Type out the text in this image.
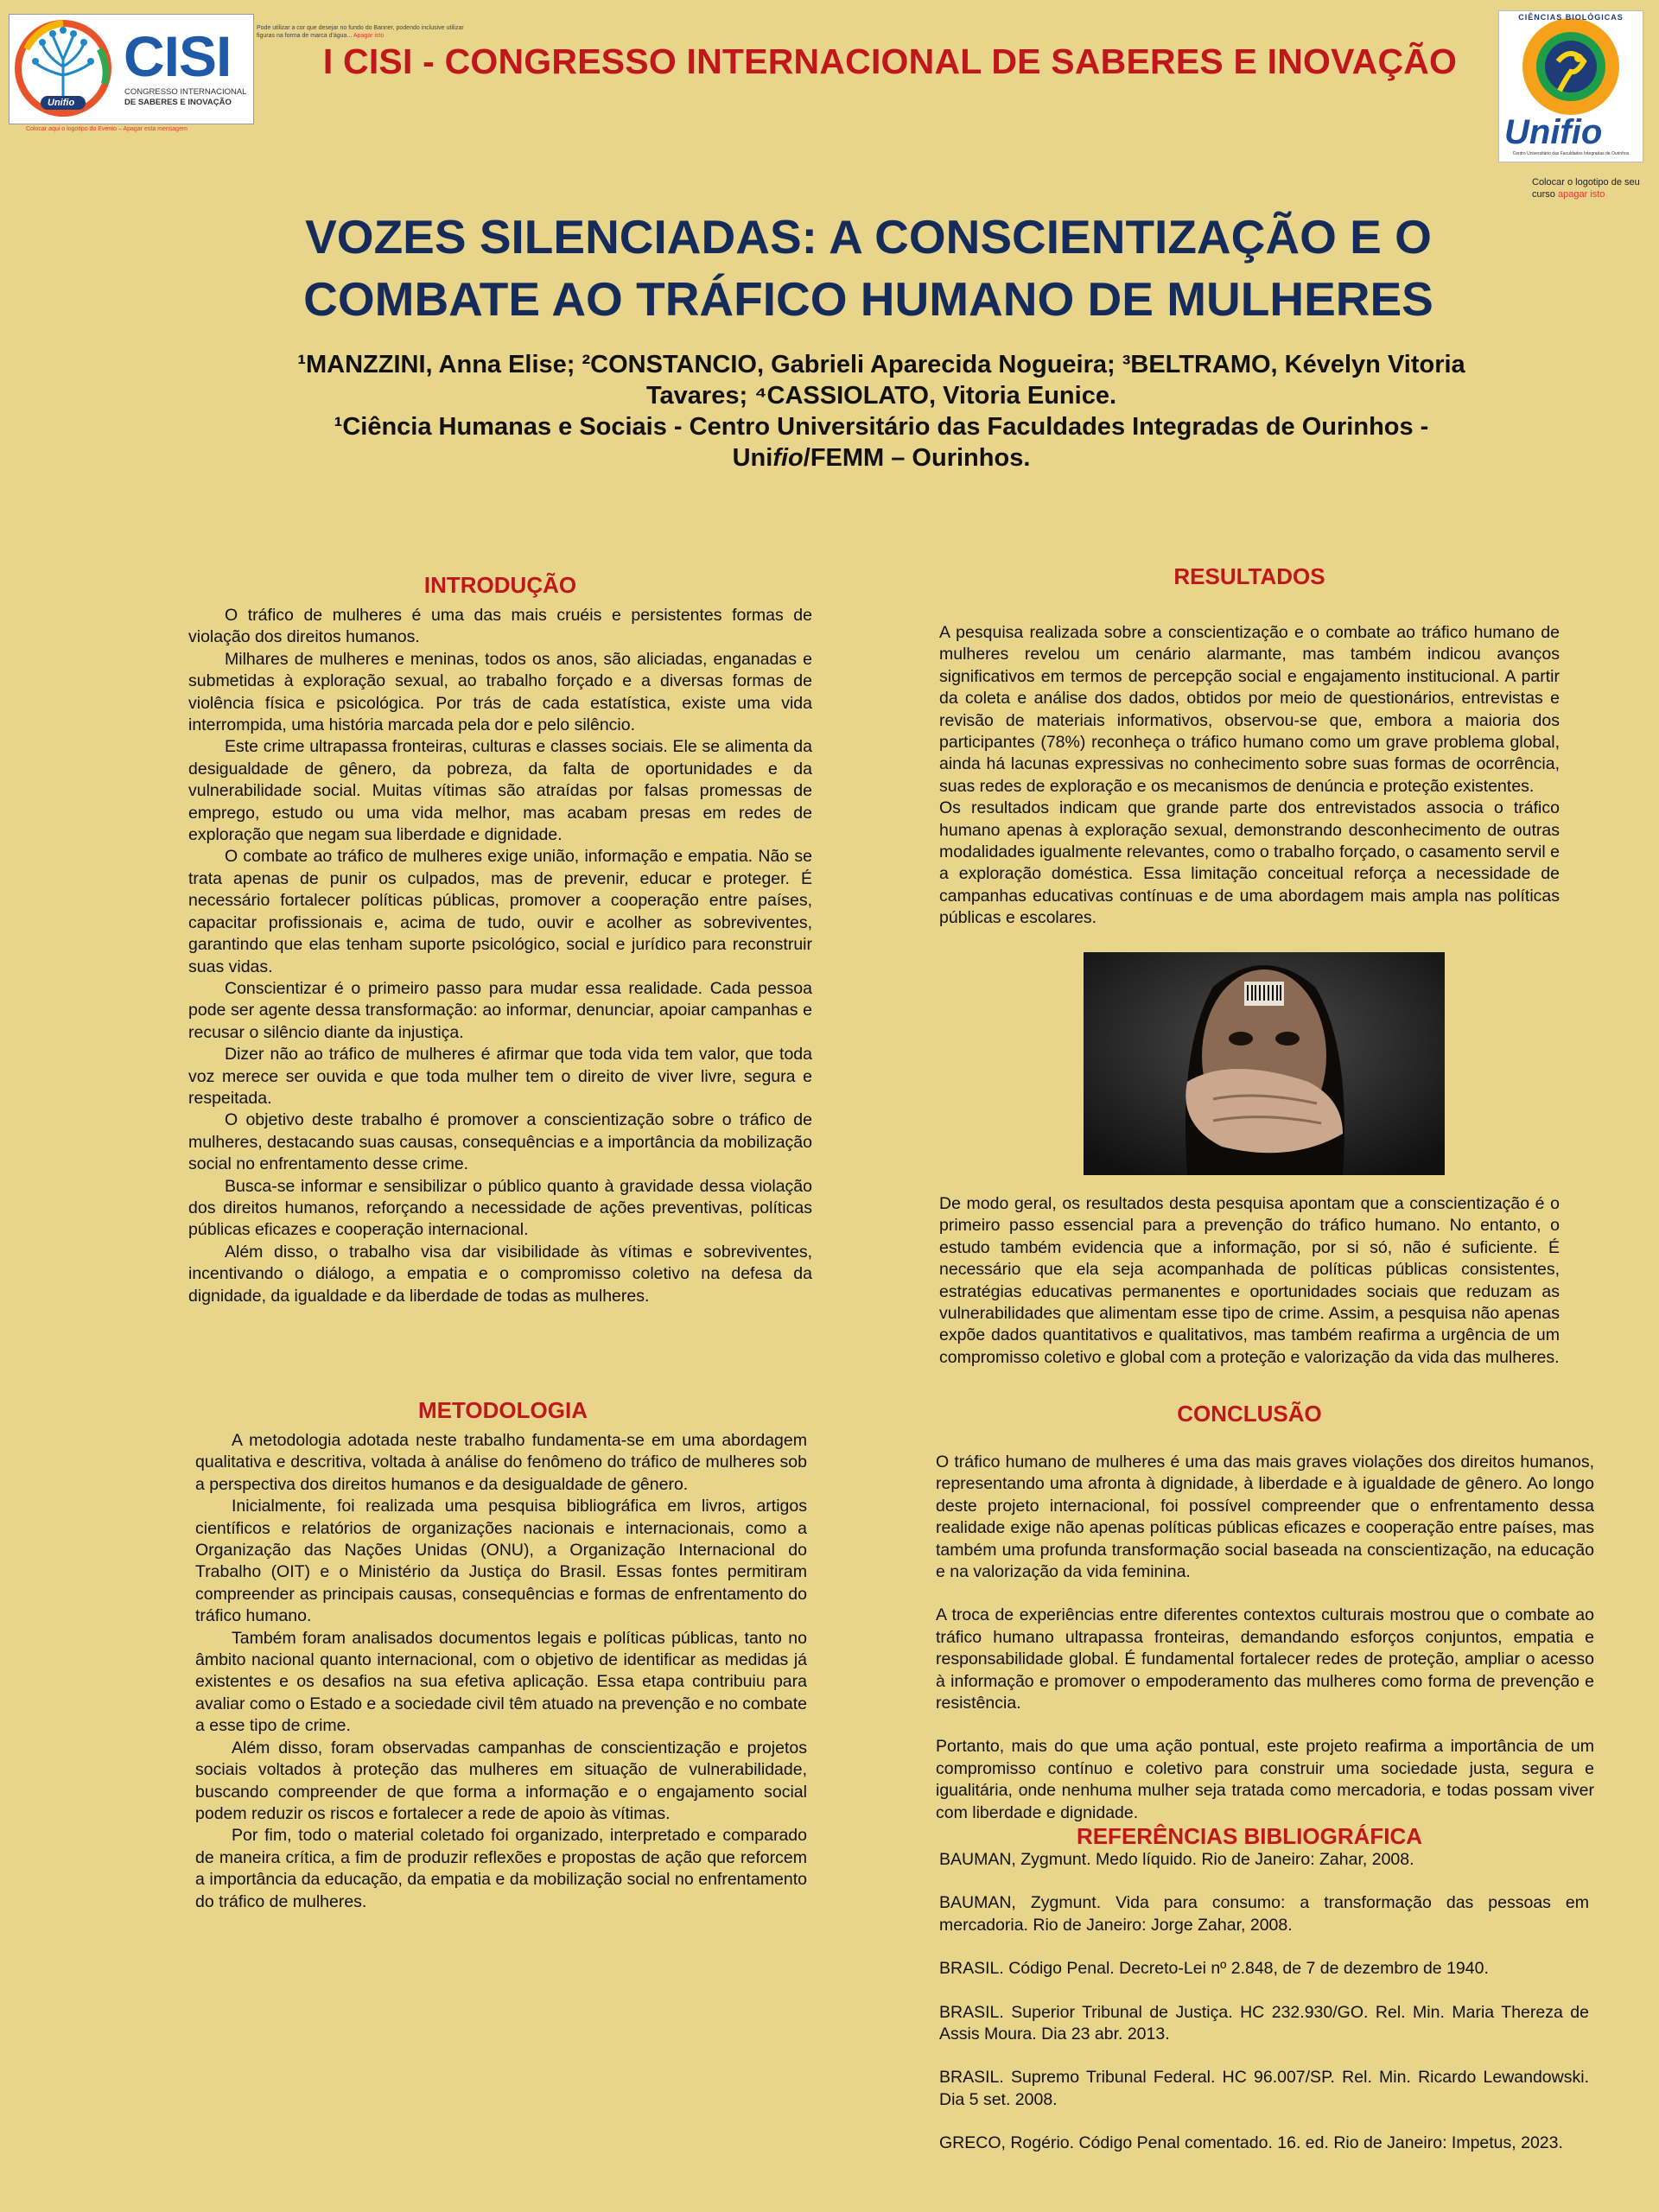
Unifio
CISI
CONGRESSO INTERNACIONAL
DE SABERES E INOVAÇÃO
Pode utilizar a cor que desejar no fundo do Banner, podendo inclusive utilizar figuras na forma de marca d'água... Apagar isto
Colocar aqui o logotipo do Evento – Apagar esta mensagem
I CISI - CONGRESSO INTERNACIONAL DE SABERES E INOVAÇÃO
CIÊNCIAS BIOLÓGICAS
Unifio
Centro Universitário das Faculdades Integradas de Ourinhos
Colocar o logotipo de seu curso apagar isto
VOZES SILENCIADAS: A CONSCIENTIZAÇÃO E O
COMBATE AO TRÁFICO HUMANO DE MULHERES
¹MANZZINI, Anna Elise; ²CONSTANCIO, Gabrieli Aparecida Nogueira; ³BELTRAMO, Kévelyn Vitoria
Tavares; ⁴CASSIOLATO, Vitoria Eunice.
¹Ciência Humanas e Sociais - Centro Universitário das Faculdades Integradas de Ourinhos -
Unifio/FEMM – Ourinhos.
INTRODUÇÃO

O tráfico de mulheres é uma das mais cruéis e persistentes formas de violação dos direitos humanos.

Milhares de mulheres e meninas, todos os anos, são aliciadas, enganadas e submetidas à exploração sexual, ao trabalho forçado e a diversas formas de violência física e psicológica. Por trás de cada estatística, existe uma vida interrompida, uma história marcada pela dor e pelo silêncio.

Este crime ultrapassa fronteiras, culturas e classes sociais. Ele se alimenta da desigualdade de gênero, da pobreza, da falta de oportunidades e da vulnerabilidade social. Muitas vítimas são atraídas por falsas promessas de emprego, estudo ou uma vida melhor, mas acabam presas em redes de exploração que negam sua liberdade e dignidade.

O combate ao tráfico de mulheres exige união, informação e empatia. Não se trata apenas de punir os culpados, mas de prevenir, educar e proteger. É necessário fortalecer políticas públicas, promover a cooperação entre países, capacitar profissionais e, acima de tudo, ouvir e acolher as sobreviventes, garantindo que elas tenham suporte psicológico, social e jurídico para reconstruir suas vidas.

Conscientizar é o primeiro passo para mudar essa realidade. Cada pessoa pode ser agente dessa transformação: ao informar, denunciar, apoiar campanhas e recusar o silêncio diante da injustiça.

Dizer não ao tráfico de mulheres é afirmar que toda vida tem valor, que toda voz merece ser ouvida e que toda mulher tem o direito de viver livre, segura e respeitada.

O objetivo deste trabalho é promover a conscientização sobre o tráfico de mulheres, destacando suas causas, consequências e a importância da mobilização social no enfrentamento desse crime.

Busca-se informar e sensibilizar o público quanto à gravidade dessa violação dos direitos humanos, reforçando a necessidade de ações preventivas, políticas públicas eficazes e cooperação internacional.

Além disso, o trabalho visa dar visibilidade às vítimas e sobreviventes, incentivando o diálogo, a empatia e o compromisso coletivo na defesa da dignidade, da igualdade e da liberdade de todas as mulheres.

METODOLOGIA

A metodologia adotada neste trabalho fundamenta-se em uma abordagem qualitativa e descritiva, voltada à análise do fenômeno do tráfico de mulheres sob a perspectiva dos direitos humanos e da desigualdade de gênero.

Inicialmente, foi realizada uma pesquisa bibliográfica em livros, artigos científicos e relatórios de organizações nacionais e internacionais, como a Organização das Nações Unidas (ONU), a Organização Internacional do Trabalho (OIT) e o Ministério da Justiça do Brasil. Essas fontes permitiram compreender as principais causas, consequências e formas de enfrentamento do tráfico humano.

Também foram analisados documentos legais e políticas públicas, tanto no âmbito nacional quanto internacional, com o objetivo de identificar as medidas já existentes e os desafios na sua efetiva aplicação. Essa etapa contribuiu para avaliar como o Estado e a sociedade civil têm atuado na prevenção e no combate a esse tipo de crime.

Além disso, foram observadas campanhas de conscientização e projetos sociais voltados à proteção das mulheres em situação de vulnerabilidade, buscando compreender de que forma a informação e o engajamento social podem reduzir os riscos e fortalecer a rede de apoio às vítimas.

Por fim, todo o material coletado foi organizado, interpretado e comparado de maneira crítica, a fim de produzir reflexões e propostas de ação que reforcem a importância da educação, da empatia e da mobilização social no enfrentamento do tráfico de mulheres.

RESULTADOS

A pesquisa realizada sobre a conscientização e o combate ao tráfico humano de mulheres revelou um cenário alarmante, mas também indicou avanços significativos em termos de percepção social e engajamento institucional. A partir da coleta e análise dos dados, obtidos por meio de questionários, entrevistas e revisão de materiais informativos, observou-se que, embora a maioria dos participantes (78%) reconheça o tráfico humano como um grave problema global, ainda há lacunas expressivas no conhecimento sobre suas formas de ocorrência, suas redes de exploração e os mecanismos de denúncia e proteção existentes.

Os resultados indicam que grande parte dos entrevistados associa o tráfico humano apenas à exploração sexual, demonstrando desconhecimento de outras modalidades igualmente relevantes, como o trabalho forçado, o casamento servil e a exploração doméstica. Essa limitação conceitual reforça a necessidade de campanhas educativas contínuas e de uma abordagem mais ampla nas políticas públicas e escolares.

De modo geral, os resultados desta pesquisa apontam que a conscientização é o primeiro passo essencial para a prevenção do tráfico humano. No entanto, o estudo também evidencia que a informação, por si só, não é suficiente. É necessário que ela seja acompanhada de políticas públicas consistentes, estratégias educativas permanentes e oportunidades sociais que reduzam as vulnerabilidades que alimentam esse tipo de crime. Assim, a pesquisa não apenas expõe dados quantitativos e qualitativos, mas também reafirma a urgência de um compromisso coletivo e global com a proteção e valorização da vida das mulheres.

CONCLUSÃO

O tráfico humano de mulheres é uma das mais graves violações dos direitos humanos, representando uma afronta à dignidade, à liberdade e à igualdade de gênero. Ao longo deste projeto internacional, foi possível compreender que o enfrentamento dessa realidade exige não apenas políticas públicas eficazes e cooperação entre países, mas também uma profunda transformação social baseada na conscientização, na educação e na valorização da vida feminina.

A troca de experiências entre diferentes contextos culturais mostrou que o combate ao tráfico humano ultrapassa fronteiras, demandando esforços conjuntos, empatia e responsabilidade global. É fundamental fortalecer redes de proteção, ampliar o acesso à informação e promover o empoderamento das mulheres como forma de prevenção e resistência.

Portanto, mais do que uma ação pontual, este projeto reafirma a importância de um compromisso contínuo e coletivo para construir uma sociedade justa, segura e igualitária, onde nenhuma mulher seja tratada como mercadoria, e todas possam viver com liberdade e dignidade.

REFERÊNCIAS BIBLIOGRÁFICA

BAUMAN, Zygmunt. Medo líquido. Rio de Janeiro: Zahar, 2008.

BAUMAN, Zygmunt. Vida para consumo: a transformação das pessoas em mercadoria. Rio de Janeiro: Jorge Zahar, 2008.

BRASIL. Código Penal. Decreto-Lei nº 2.848, de 7 de dezembro de 1940.

BRASIL. Superior Tribunal de Justiça. HC 232.930/GO. Rel. Min. Maria Thereza de Assis Moura. Dia 23 abr. 2013.

BRASIL. Supremo Tribunal Federal. HC 96.007/SP. Rel. Min. Ricardo Lewandowski. Dia 5 set. 2008.

GRECO, Rogério. Código Penal comentado. 16. ed. Rio de Janeiro: Impetus, 2023.
